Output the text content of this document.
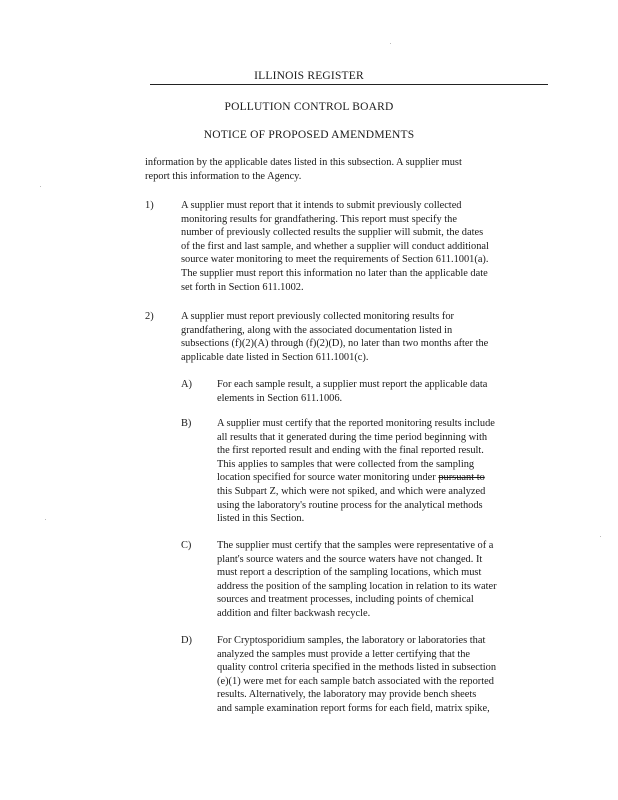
ILLINOIS REGISTER
POLLUTION CONTROL BOARD
NOTICE OF PROPOSED AMENDMENTS
information by the applicable dates listed in this subsection. A supplier must
report this information to the Agency.
1)	A supplier must report that it intends to submit previously collected
monitoring results for grandfathering. This report must specify the
number of previously collected results the supplier will submit, the dates
of the first and last sample, and whether a supplier will conduct additional
source water monitoring to meet the requirements of Section 611.1001(a).
The supplier must report this information no later than the applicable date
set forth in Section 611.1002.
2)	A supplier must report previously collected monitoring results for
grandfathering, along with the associated documentation listed in
subsections (f)(2)(A) through (f)(2)(D), no later than two months after the
applicable date listed in Section 611.1001(c).
A) For each sample result, a supplier must report the applicable data
elements in Section 611.1006.
B) A supplier must certify that the reported monitoring results include
all results that it generated during the time period beginning with
the first reported result and ending with the final reported result.
This applies to samples that were collected from the sampling
location specified for source water monitoring under pursuant to
this Subpart Z, which were not spiked, and which were analyzed
using the laboratory's routine process for the analytical methods
listed in this Section.
C) The supplier must certify that the samples were representative of a
plant's source waters and the source waters have not changed. It
must report a description of the sampling locations, which must
address the position of the sampling location in relation to its water
sources and treatment processes, including points of chemical
addition and filter backwash recycle.
D) For Cryptosporidium samples, the laboratory or laboratories that
analyzed the samples must provide a letter certifying that the
quality control criteria specified in the methods listed in subsection
(e)(1) were met for each sample batch associated with the reported
results. Alternatively, the laboratory may provide bench sheets
and sample examination report forms for each field, matrix spike,
